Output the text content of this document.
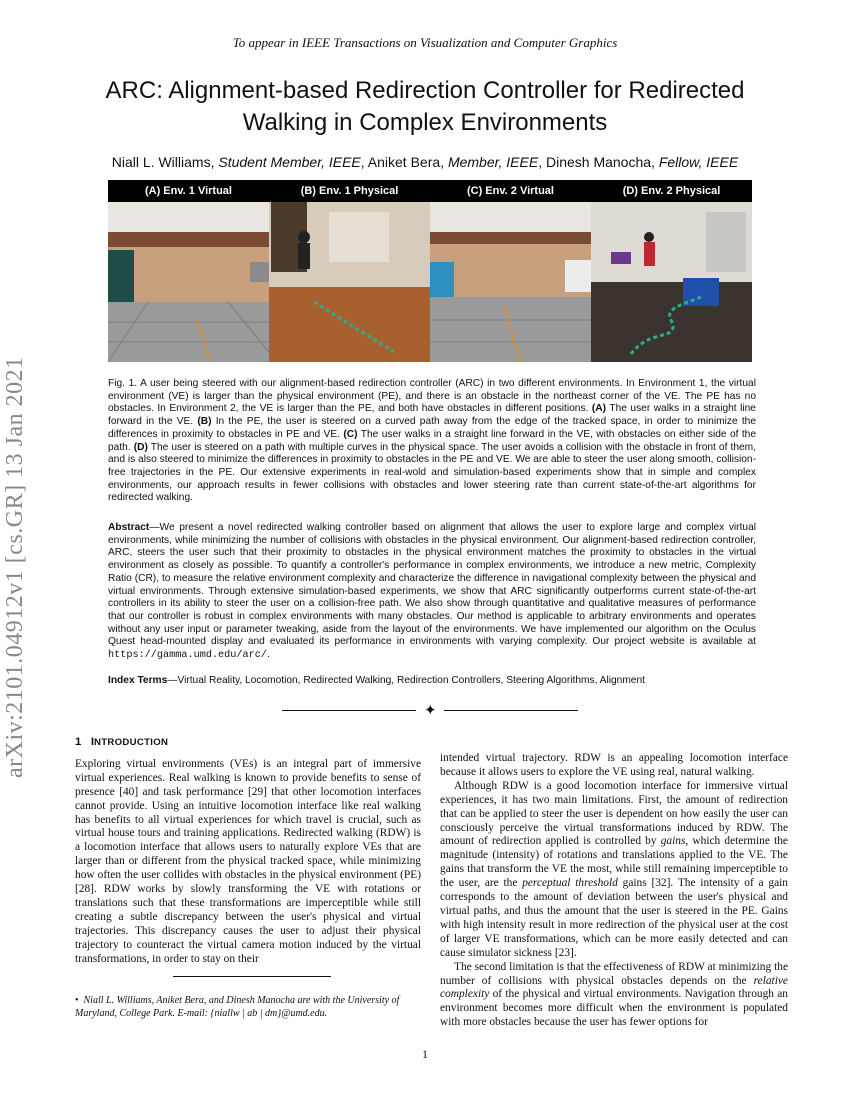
To appear in IEEE Transactions on Visualization and Computer Graphics
arXiv:2101.04912v1 [cs.GR] 13 Jan 2021
ARC: Alignment-based Redirection Controller for Redirected Walking in Complex Environments
Niall L. Williams, Student Member, IEEE, Aniket Bera, Member, IEEE, Dinesh Manocha, Fellow, IEEE
(A) Env. 1 Virtual	(B) Env. 1 Physical	(C) Env. 2 Virtual	(D) Env. 2 Physical
Fig. 1. A user being steered with our alignment-based redirection controller (ARC) in two different environments. In Environment 1, the virtual environment (VE) is larger than the physical environment (PE), and there is an obstacle in the northeast corner of the VE. The PE has no obstacles. In Environment 2, the VE is larger than the PE, and both have obstacles in different positions. (A) The user walks in a straight line forward in the VE. (B) In the PE, the user is steered on a curved path away from the edge of the tracked space, in order to minimize the differences in proximity to obstacles in PE and VE. (C) The user walks in a straight line forward in the VE, with obstacles on either side of the path. (D) The user is steered on a path with multiple curves in the physical space. The user avoids a collision with the obstacle in front of them, and is also steered to minimize the differences in proximity to obstacles in the PE and VE. We are able to steer the user along smooth, collision-free trajectories in the PE. Our extensive experiments in real-wold and simulation-based experiments show that in simple and complex environments, our approach results in fewer collisions with obstacles and lower steering rate than current state-of-the-art algorithms for redirected walking.
Abstract—We present a novel redirected walking controller based on alignment that allows the user to explore large and complex virtual environments, while minimizing the number of collisions with obstacles in the physical environment. Our alignment-based redirection controller, ARC, steers the user such that their proximity to obstacles in the physical environment matches the proximity to obstacles in the virtual environment as closely as possible. To quantify a controller's performance in complex environments, we introduce a new metric, Complexity Ratio (CR), to measure the relative environment complexity and characterize the difference in navigational complexity between the physical and virtual environments. Through extensive simulation-based experiments, we show that ARC significantly outperforms current state-of-the-art controllers in its ability to steer the user on a collision-free path. We also show through quantitative and qualitative measures of performance that our controller is robust in complex environments with many obstacles. Our method is applicable to arbitrary environments and operates without any user input or parameter tweaking, aside from the layout of the environments. We have implemented our algorithm on the Oculus Quest head-mounted display and evaluated its performance in environments with varying complexity. Our project website is available at https://gamma.umd.edu/arc/.
Index Terms—Virtual Reality, Locomotion, Redirected Walking, Redirection Controllers, Steering Algorithms, Alignment
✦
1 INTRODUCTION

Exploring virtual environments (VEs) is an integral part of immersive virtual experiences. Real walking is known to provide benefits to sense of presence [40] and task performance [29] that other locomotion interfaces cannot provide. Using an intuitive locomotion interface like real walking has benefits to all virtual experiences for which travel is crucial, such as virtual house tours and training applications. Redirected walking (RDW) is a locomotion interface that allows users to naturally explore VEs that are larger than or different from the physical tracked space, while minimizing how often the user collides with obstacles in the physical environment (PE) [28]. RDW works by slowly transforming the VE with rotations or translations such that these transformations are imperceptible while still creating a subtle discrepancy between the user's physical and virtual trajectories. This discrepancy causes the user to adjust their physical trajectory to counteract the virtual camera motion induced by the virtual transformations, in order to stay on their

intended virtual trajectory. RDW is an appealing locomotion interface because it allows users to explore the VE using real, natural walking.

Although RDW is a good locomotion interface for immersive virtual experiences, it has two main limitations. First, the amount of redirection that can be applied to steer the user is dependent on how easily the user can consciously perceive the virtual transformations induced by RDW. The amount of redirection applied is controlled by gains, which determine the magnitude (intensity) of rotations and translations applied to the VE. The gains that transform the VE the most, while still remaining imperceptible to the user, are the perceptual threshold gains [32]. The intensity of a gain corresponds to the amount of deviation between the user's physical and virtual paths, and thus the amount that the user is steered in the PE. Gains with high intensity result in more redirection of the physical user at the cost of larger VE transformations, which can be more easily detected and can cause simulator sickness [23].

The second limitation is that the effectiveness of RDW at minimizing the number of collisions with physical obstacles depends on the relative complexity of the physical and virtual environments. Navigation through an environment becomes more difficult when the environment is populated with more obstacles because the user has fewer options for

• Niall L. Williams, Aniket Bera, and Dinesh Manocha are with the University of Maryland, College Park. E-mail: {niallw | ab | dm}@umd.edu.
1
